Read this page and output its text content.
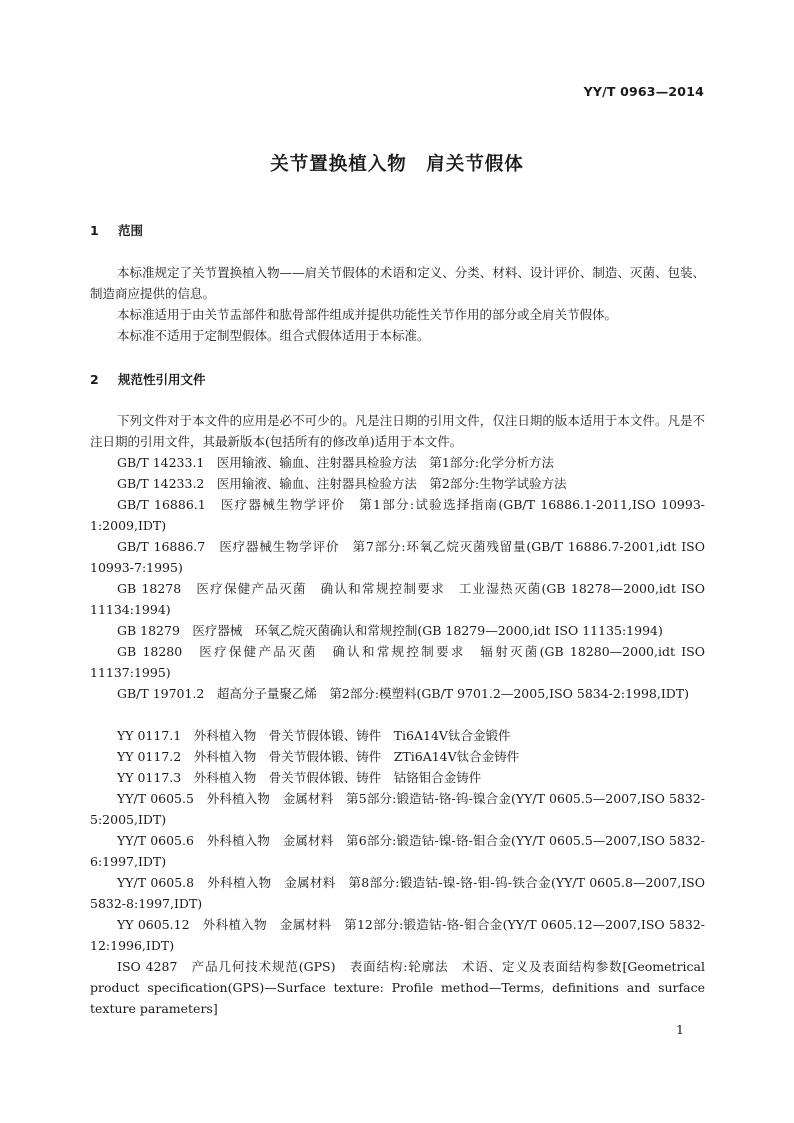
YY/T 0963—2014
关节置换植入物　肩关节假体
1 范围
本标准规定了关节置换植入物——肩关节假体的术语和定义、分类、材料、设计评价、制造、灭菌、包装、制造商应提供的信息。
本标准适用于由关节盂部件和肱骨部件组成并提供功能性关节作用的部分或全肩关节假体。
本标准不适用于定制型假体。组合式假体适用于本标准。
2 规范性引用文件
下列文件对于本文件的应用是必不可少的。凡是注日期的引用文件，仅注日期的版本适用于本文件。凡是不注日期的引用文件，其最新版本(包括所有的修改单)适用于本文件。
GB/T 14233.1　医用输液、输血、注射器具检验方法　第1部分:化学分析方法
GB/T 14233.2　医用输液、输血、注射器具检验方法　第2部分:生物学试验方法
GB/T 16886.1　医疗器械生物学评价　第1部分:试验选择指南(GB/T 16886.1-2011,ISO 10993-1:2009,IDT)
GB/T 16886.7　医疗器械生物学评价　第7部分:环氧乙烷灭菌残留量(GB/T 16886.7-2001,idt ISO 10993-7:1995)
GB 18278　医疗保健产品灭菌　确认和常规控制要求　工业湿热灭菌(GB 18278—2000,idt ISO 11134:1994)
GB 18279　医疗器械　环氧乙烷灭菌确认和常规控制(GB 18279—2000,idt ISO 11135:1994)
GB 18280　医疗保健产品灭菌　确认和常规控制要求　辐射灭菌(GB 18280—2000,idt ISO 11137:1995)
GB/T 19701.2　超高分子量聚乙烯　第2部分:模塑料(GB/T 9701.2—2005,ISO 5834-2:1998,IDT)
YY 0117.1　外科植入物　骨关节假体锻、铸件　Ti6A14V钛合金锻件
YY 0117.2　外科植入物　骨关节假体锻、铸件　ZTi6A14V钛合金铸件
YY 0117.3　外科植入物　骨关节假体锻、铸件　钴铬钼合金铸件
YY/T 0605.5　外科植入物　金属材料　第5部分:锻造钴-铬-钨-镍合金(YY/T 0605.5—2007,ISO 5832-5:2005,IDT)
YY/T 0605.6　外科植入物　金属材料　第6部分:锻造钴-镍-铬-钼合金(YY/T 0605.5—2007,ISO 5832-6:1997,IDT)
YY/T 0605.8　外科植入物　金属材料　第8部分:锻造钴-镍-铬-钼-钨-铁合金(YY/T 0605.8—2007,ISO 5832-8:1997,IDT)
YY 0605.12　外科植入物　金属材料　第12部分:锻造钴-铬-钼合金(YY/T 0605.12—2007,ISO 5832-12:1996,IDT)
ISO 4287　产品几何技术规范(GPS)　表面结构:轮廓法　术语、定义及表面结构参数[Geometrical product specification(GPS)—Surface texture: Profile method—Terms, definitions and surface texture parameters]
1
